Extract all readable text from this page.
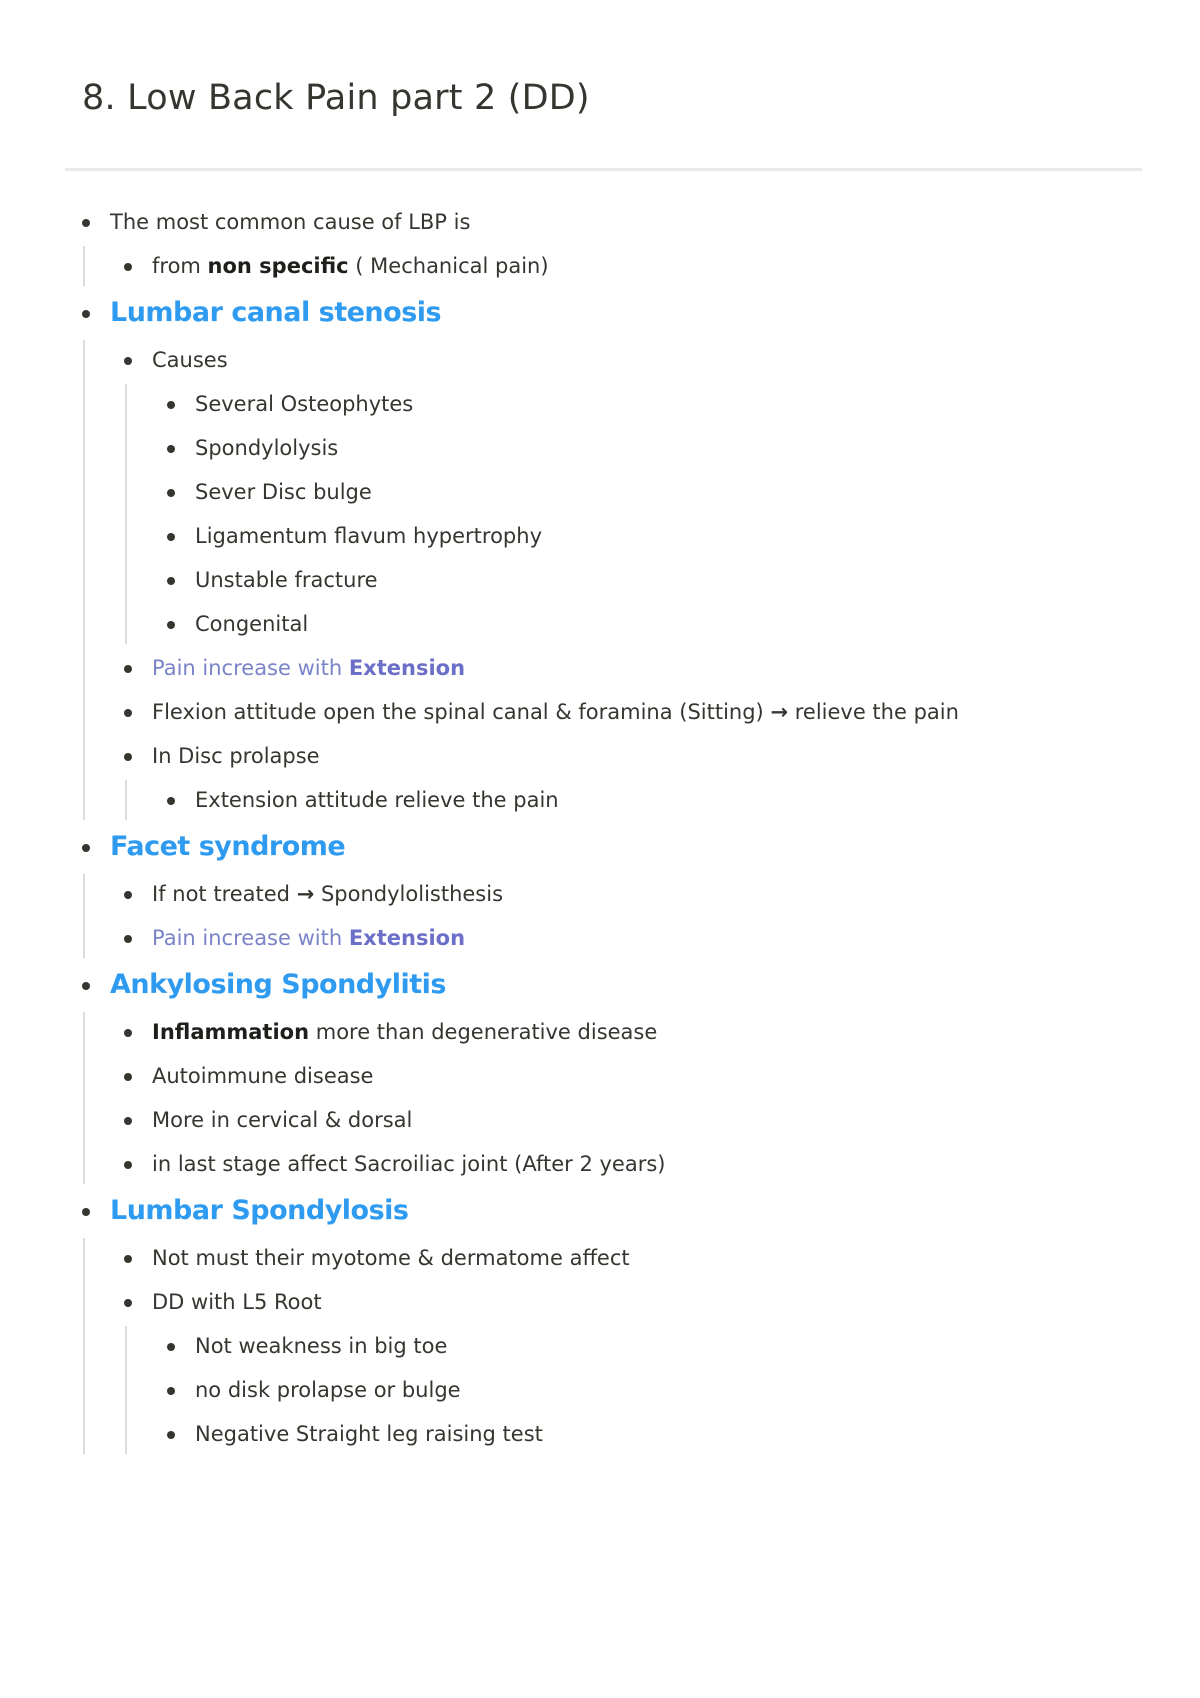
8. Low Back Pain part 2 (DD)
The most common cause of LBP is
from non specific ( Mechanical pain)
Lumbar canal stenosis
Causes
Several Osteophytes
Spondylolysis
Sever Disc bulge
Ligamentum flavum hypertrophy
Unstable fracture
Congenital
Pain increase with Extension
Flexion attitude open the spinal canal & foramina (Sitting) → relieve the pain
In Disc prolapse
Extension attitude relieve the pain
Facet syndrome
If not treated → Spondylolisthesis
Pain increase with Extension
Ankylosing Spondylitis
Inflammation more than degenerative disease
Autoimmune disease
More in cervical & dorsal
in last stage affect Sacroiliac joint (After 2 years)
Lumbar Spondylosis
Not must their myotome & dermatome affect
DD with L5 Root
Not weakness in big toe
no disk prolapse or bulge
Negative Straight leg raising test
